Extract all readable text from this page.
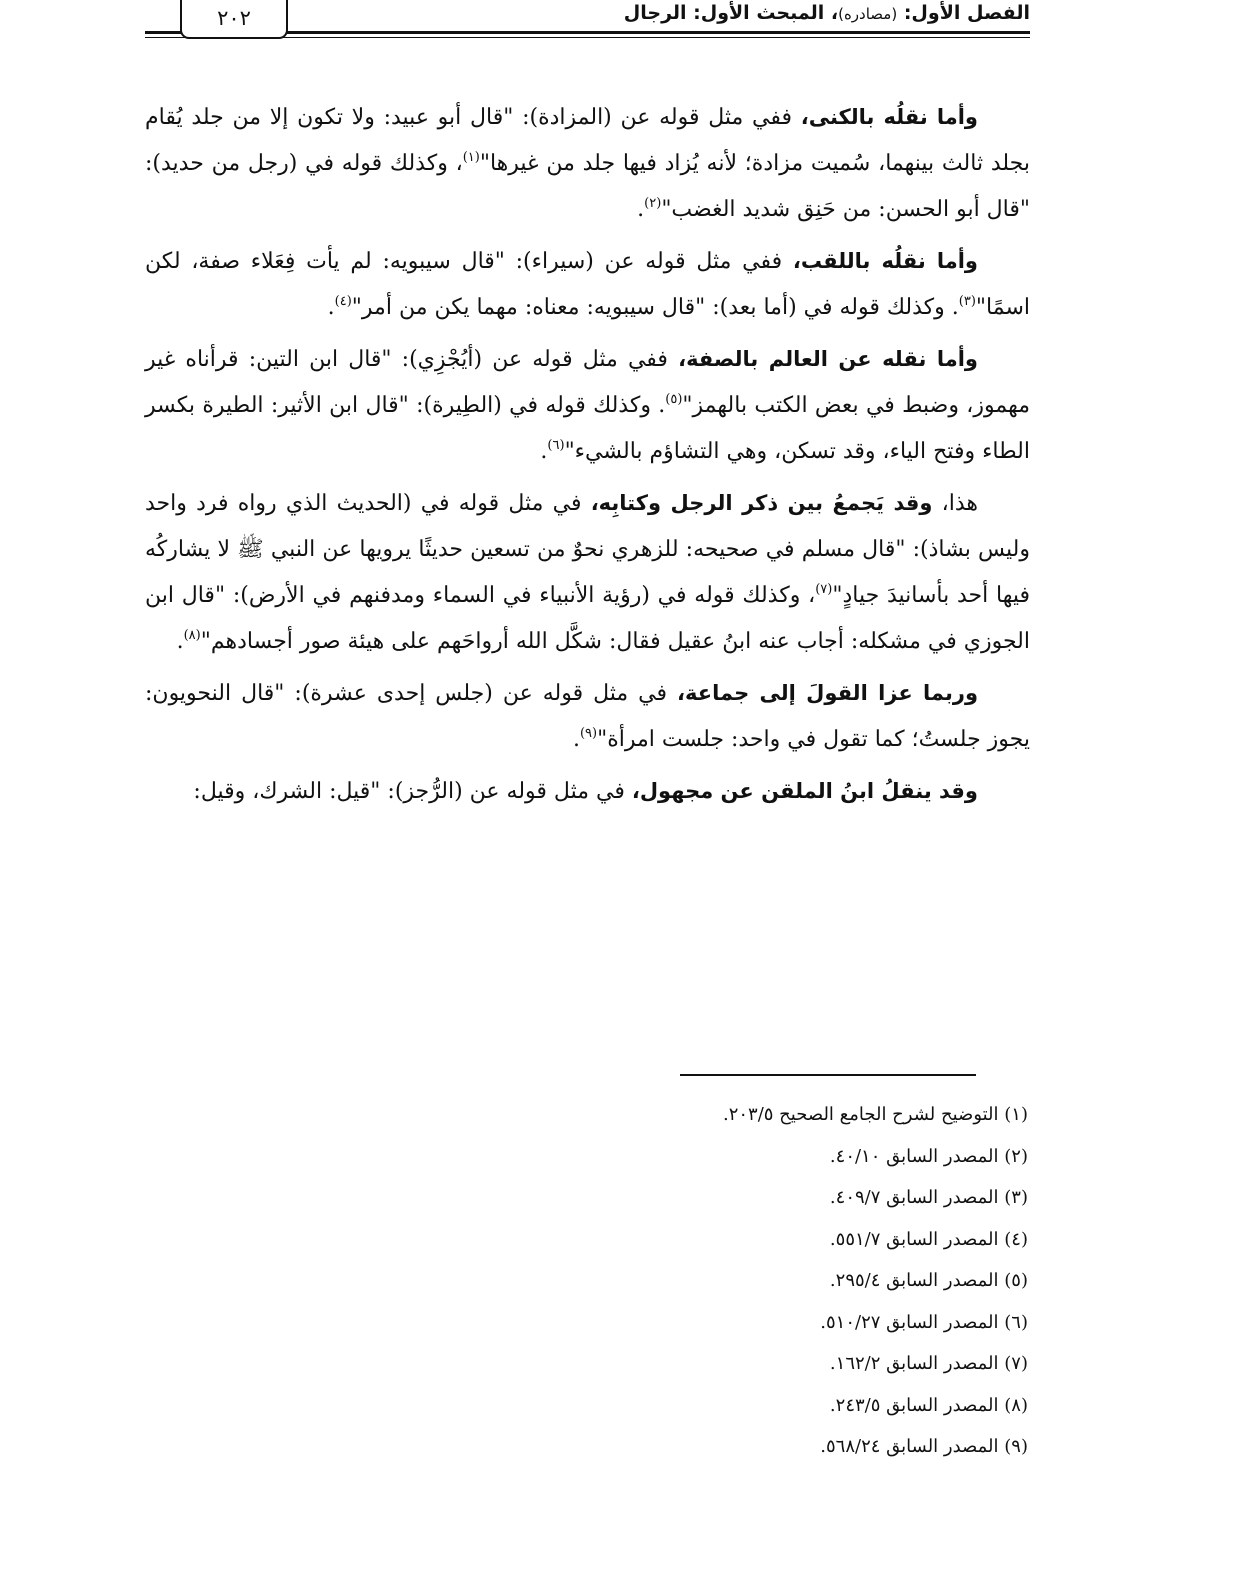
الفصل الأول: (مصادره)، المبحث الأول: الرجال
٢٠٢

وأما نقلُه بالكنى، ففي مثل قوله عن (المزادة): "قال أبو عبيد: ولا تكون إلا من جلد يُقام بجلد ثالث بينهما، سُميت مزادة؛ لأنه يُزاد فيها جلد من غيرها"$^{(١)}$، وكذلك قوله في (رجل من حديد): "قال أبو الحسن: من حَنِق شديد الغضب"$^{(٢)}$.

وأما نقلُه باللقب، ففي مثل قوله عن (سيراء): "قال سيبويه: لم يأت فِعَلاء صفة، لكن اسمًا"$^{(٣)}$. وكذلك قوله في (أما بعد): "قال سيبويه: معناه: مهما يكن من أمر"$^{(٤)}$.

وأما نقله عن العالم بالصفة، ففي مثل قوله عن (أيُجْزِي): "قال ابن التين: قرأناه غير مهموز، وضبط في بعض الكتب بالهمز"$^{(٥)}$. وكذلك قوله في (الطِيرة): "قال ابن الأثير: الطيرة بكسر الطاء وفتح الياء، وقد تسكن، وهي التشاؤم بالشيء"$^{(٦)}$.

هذا، وقد يَجمعُ بين ذكر الرجل وكتابِه، في مثل قوله في (الحديث الذي رواه فرد واحد وليس بشاذ): "قال مسلم في صحيحه: للزهري نحوٌ من تسعين حديثًا يرويها عن النبي ﷺ لا يشاركُه فيها أحد بأسانيدَ جيادٍ"$^{(٧)}$، وكذلك قوله في (رؤية الأنبياء في السماء ومدفنهم في الأرض): "قال ابن الجوزي في مشكله: أجاب عنه ابنُ عقيل فقال: شكَّل الله أرواحَهم على هيئة صور أجسادهم"$^{(٨)}$.

وربما عزا القولَ إلى جماعة، في مثل قوله عن (جلس إحدى عشرة): "قال النحويون: يجوز جلستُ؛ كما تقول في واحد: جلست امرأة"$^{(٩)}$.

وقد ينقلُ ابنُ الملقن عن مجهول، في مثل قوله عن (الرُّجز): "قيل: الشرك، وقيل:

(١) التوضيح لشرح الجامع الصحيح ٢٠٣/٥.
(٢) المصدر السابق ٤٠/١٠.
(٣) المصدر السابق ٤٠٩/٧.
(٤) المصدر السابق ٥٥١/٧.
(٥) المصدر السابق ٢٩٥/٤.
(٦) المصدر السابق ٥١٠/٢٧.
(٧) المصدر السابق ١٦٢/٢.
(٨) المصدر السابق ٢٤٣/٥.
(٩) المصدر السابق ٥٦٨/٢٤.
